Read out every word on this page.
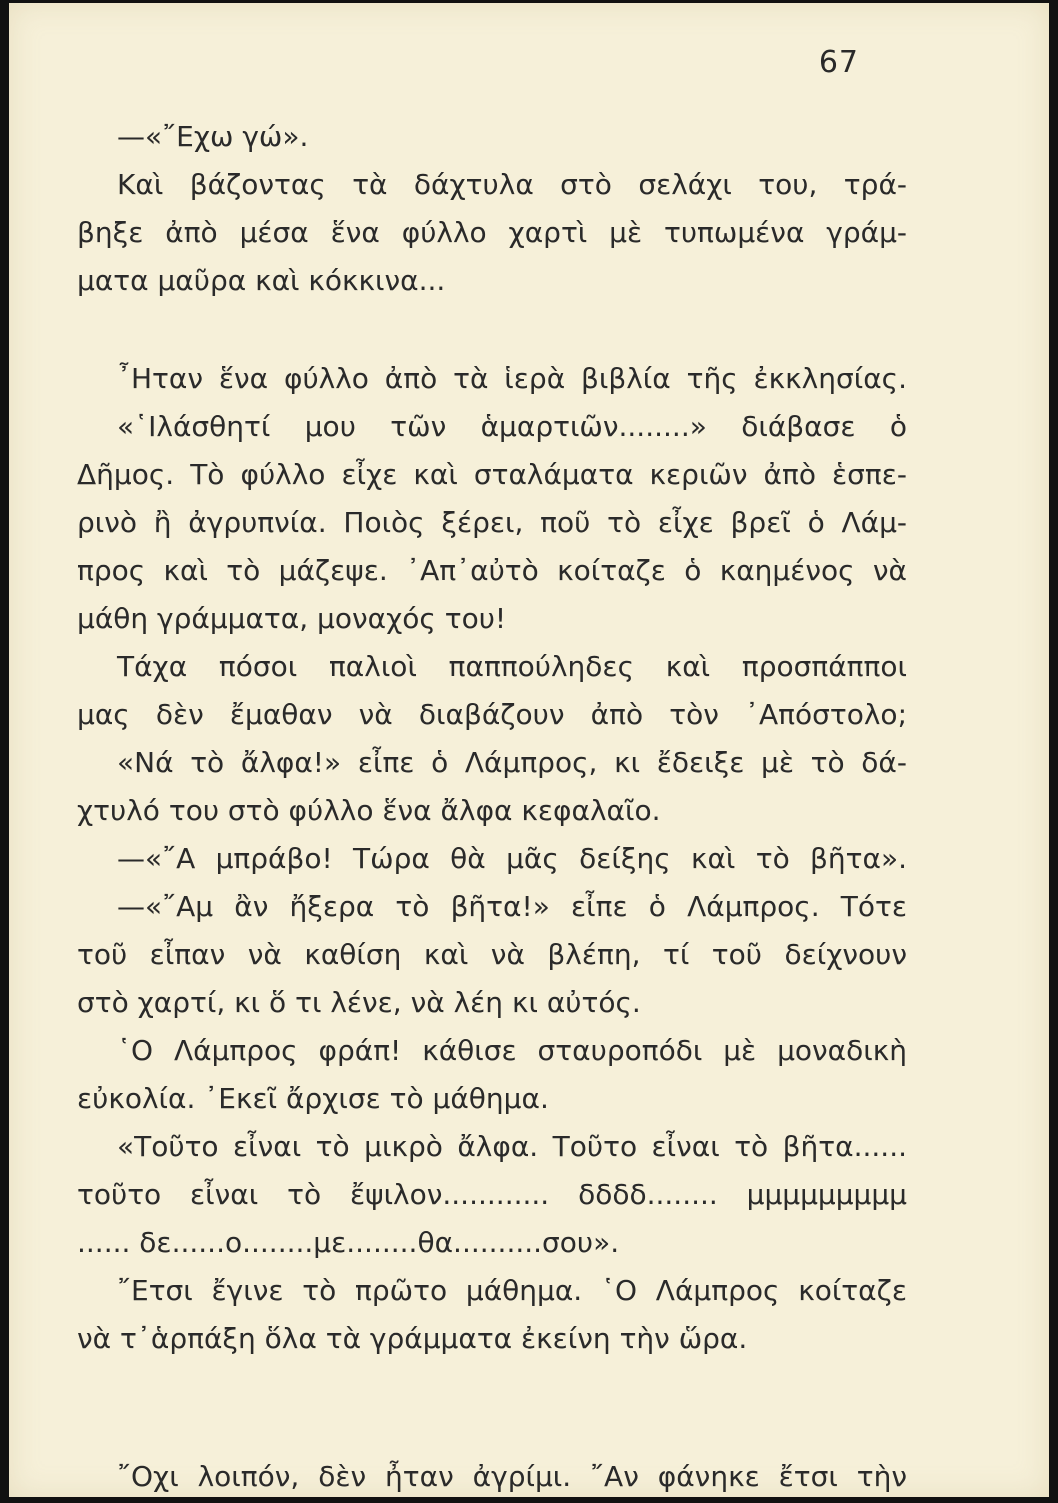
67
—«῎Εχω γώ».
Καὶ βάζοντας τὰ δάχτυλα στὸ σελάχι του, τρά-
βηξε ἀπὸ μέσα ἕνα φύλλο χαρτὶ μὲ τυπωμένα γράμ-
ματα μαῦρα καὶ κόκκινα...
῏Ηταν ἕνα φύλλο ἀπὸ τὰ ἱερὰ βιβλία τῆς ἐκκλησίας.
«῾Ιλάσθητί μου τῶν ἁμαρτιῶν........» διάβασε ὁ
Δῆμος. Τὸ φύλλο εἶχε καὶ σταλάματα κεριῶν ἀπὸ ἑσπε-
ρινὸ ἢ ἀγρυπνία. Ποιὸς ξέρει, ποῦ τὸ εἶχε βρεῖ ὁ Λάμ-
προς καὶ τὸ μάζεψε. ᾿Απ᾿αὐτὸ κοίταζε ὁ καημένος νὰ
μάθη γράμματα, μοναχός του!
Τάχα πόσοι παλιοὶ παππούληδες καὶ προσπάπποι
μας δὲν ἔμαθαν νὰ διαβάζουν ἀπὸ τὸν ᾿Απόστολο;
«Νά τὸ ἄλφα!» εἶπε ὁ Λάμπρος, κι ἔδειξε μὲ τὸ δά-
χτυλό του στὸ φύλλο ἕνα ἄλφα κεφαλαῖο.
—«῎Α μπράβο! Τώρα θὰ μᾶς δείξης καὶ τὸ βῆτα».
—«῎Αμ ἂν ἤξερα τὸ βῆτα!» εἶπε ὁ Λάμπρος. Τότε
τοῦ εἶπαν νὰ καθίση καὶ νὰ βλέπη, τί τοῦ δείχνουν
στὸ χαρτί, κι ὅ τι λένε, νὰ λέη κι αὐτός.
῾Ο Λάμπρος φράπ! κάθισε σταυροπόδι μὲ μοναδικὴ
εὐκολία. ᾿Εκεῖ ἄρχισε τὸ μάθημα.
«Τοῦτο εἶναι τὸ μικρὸ ἄλφα. Τοῦτο εἶναι τὸ βῆτα......
τοῦτο εἶναι τὸ ἔψιλον............ δδδδ........ μμμμμμμμμ
...... δε......ο........με........θα..........σου».
῎Ετσι ἔγινε τὸ πρῶτο μάθημα. ῾Ο Λάμπρος κοίταζε
νὰ τ᾿ἁρπάξη ὅλα τὰ γράμματα ἐκείνη τὴν ὥρα.
῎Οχι λοιπόν, δὲν ἦταν ἀγρίμι. ῎Αν φάνηκε ἔτσι τὴν
